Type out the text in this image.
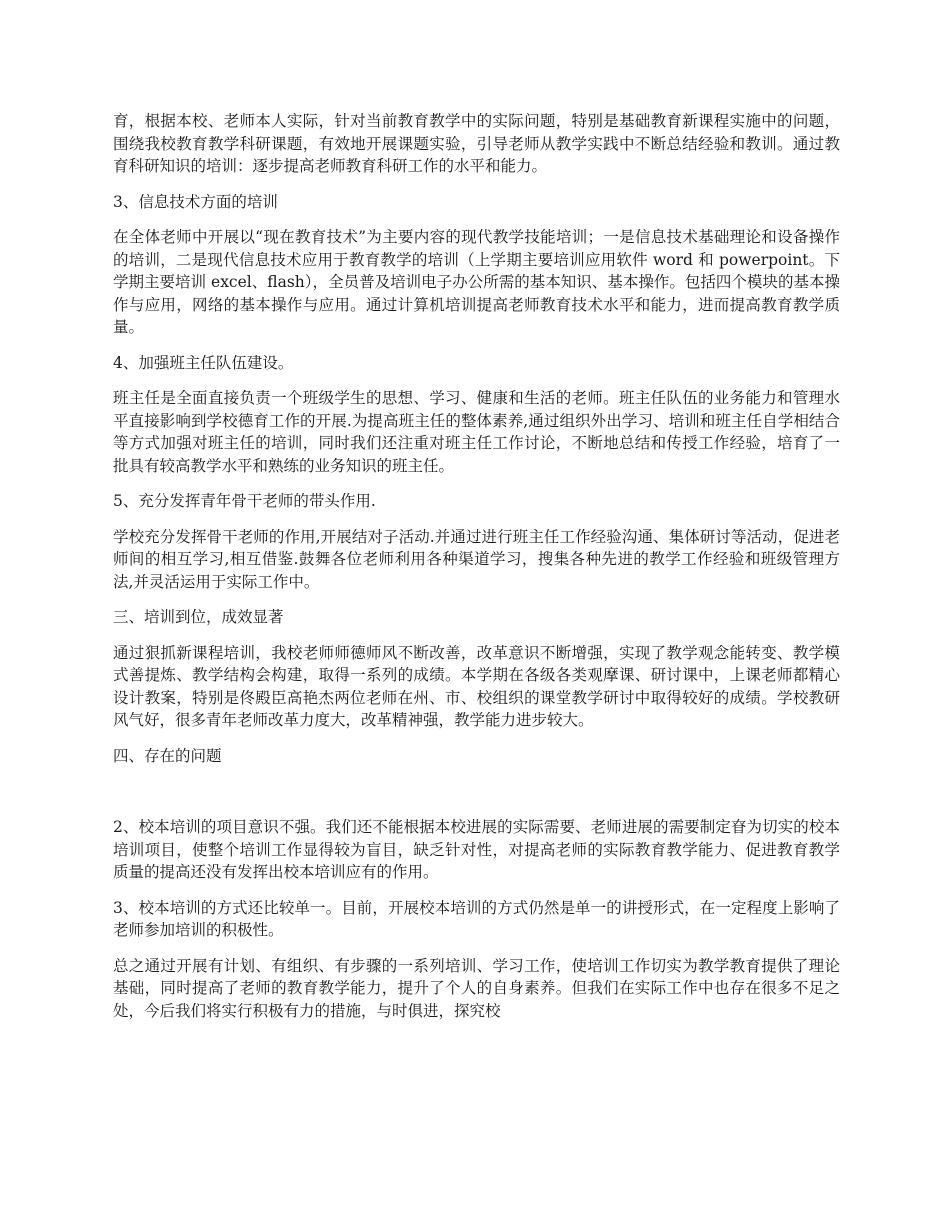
育，根据本校、老师本人实际，针对当前教育教学中的实际问题，特别是基础教育新课程实施中的问题，围绕我校教育教学科研课题，有效地开展课题实验，引导老师从教学实践中不断总结经验和教训。通过教育科研知识的培训：逐步提高老师教育科研工作的水平和能力。

3、信息技术方面的培训

在全体老师中开展以“现在教育技术”为主要内容的现代教学技能培训；一是信息技术基础理论和设备操作的培训，二是现代信息技术应用于教育教学的培训（上学期主要培训应用软件 word 和 powerpoint。下学期主要培训 excel、flash），全员普及培训电子办公所需的基本知识、基本操作。包括四个模块的基本操作与应用，网络的基本操作与应用。通过计算机培训提高老师教育技术水平和能力，进而提高教育教学质量。

4、加强班主任队伍建设。

班主任是全面直接负责一个班级学生的思想、学习、健康和生活的老师。班主任队伍的业务能力和管理水平直接影响到学校德育工作的开展.为提高班主任的整体素养,通过组织外出学习、培训和班主任自学相结合等方式加强对班主任的培训，同时我们还注重对班主任工作讨论，不断地总结和传授工作经验，培育了一批具有较高教学水平和熟练的业务知识的班主任。

5、充分发挥青年骨干老师的带头作用.

学校充分发挥骨干老师的作用,开展结对子活动.并通过进行班主任工作经验沟通、集体研讨等活动，促进老师间的相互学习,相互借鉴.鼓舞各位老师利用各种渠道学习，搜集各种先进的教学工作经验和班级管理方法,并灵活运用于实际工作中。

三、培训到位，成效显著

通过狠抓新课程培训，我校老师师德师风不断改善，改革意识不断增强，实现了教学观念能转变、教学模式善提炼、教学结构会构建，取得一系列的成绩。本学期在各级各类观摩课、研讨课中，上课老师都精心设计教案，特别是佟殿臣高艳杰两位老师在州、市、校组织的课堂教学研讨中取得较好的成绩。学校教研风气好，很多青年老师改革力度大，改革精神强，教学能力进步较大。

四、存在的问题

2、校本培训的项目意识不强。我们还不能根据本校进展的实际需要、老师进展的需要制定眘为切实的校本培训项目，使整个培训工作显得较为盲目，缺乏针对性，对提高老师的实际教育教学能力、促进教育教学质量的提高还没有发挥出校本培训应有的作用。

3、校本培训的方式还比较单一。目前，开展校本培训的方式仍然是单一的讲授形式，在一定程度上影响了老师参加培训的积极性。

总之通过开展有计划、有组织、有步骤的一系列培训、学习工作，使培训工作切实为教学教育提供了理论基础，同时提高了老师的教育教学能力，提升了个人的自身素养。但我们在实际工作中也存在很多不足之处，今后我们将实行积极有力的措施，与时俱进，探究校
